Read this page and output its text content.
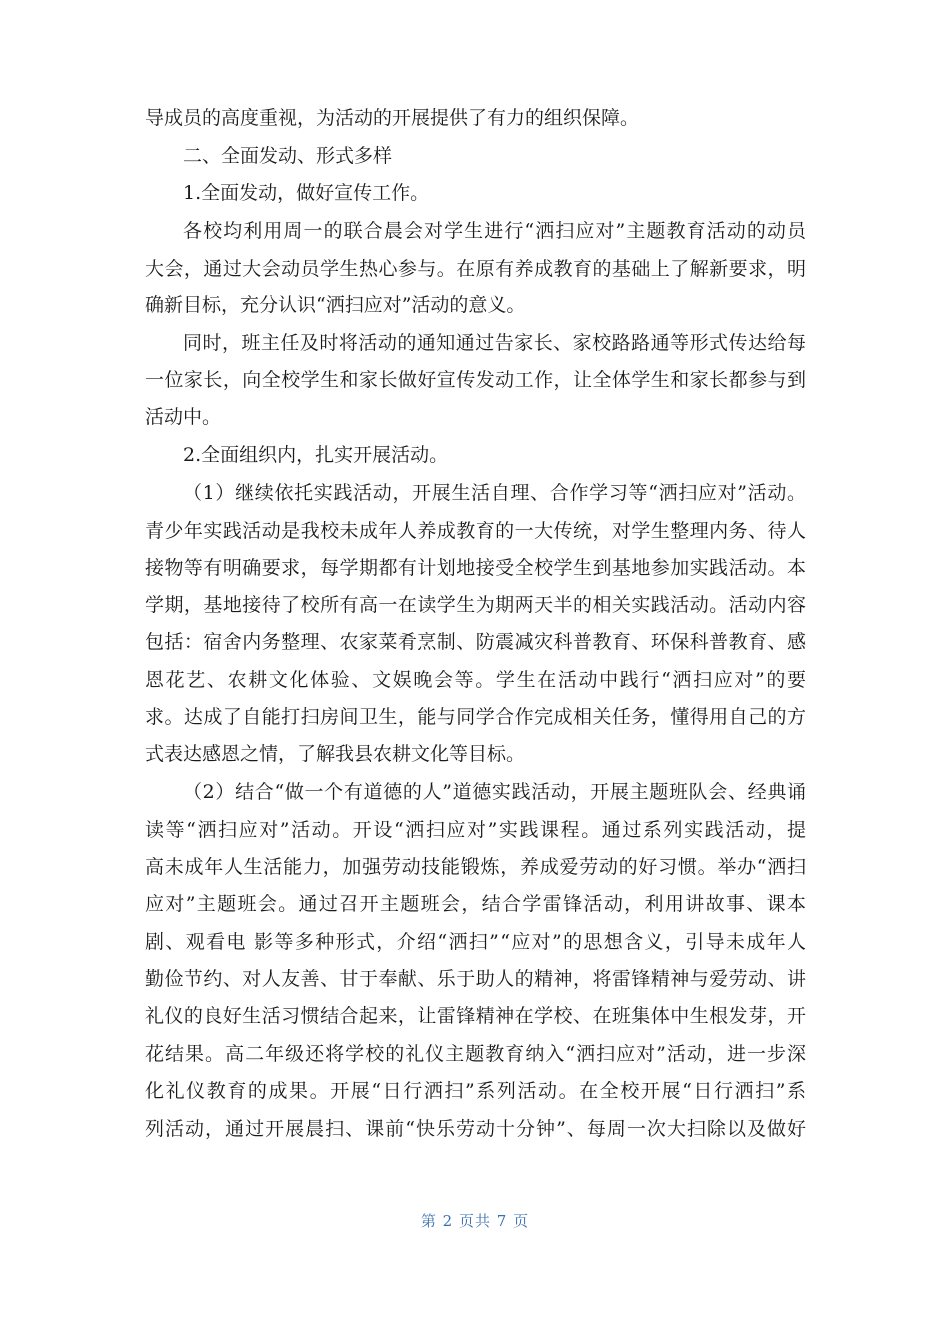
导成员的高度重视，为活动的开展提供了有力的组织保障。
二、全面发动、形式多样
1.全面发动，做好宣传工作。
各校均利用周一的联合晨会对学生进行“洒扫应对”主题教育活动的动员
大会，通过大会动员学生热心参与。在原有养成教育的基础上了解新要求，明
确新目标，充分认识“洒扫应对”活动的意义。
同时，班主任及时将活动的通知通过告家长、家校路路通等形式传达给每
一位家长，向全校学生和家长做好宣传发动工作，让全体学生和家长都参与到
活动中。
2.全面组织内，扎实开展活动。
（1）继续依托实践活动，开展生活自理、合作学习等“洒扫应对”活动。
青少年实践活动是我校未成年人养成教育的一大传统，对学生整理内务、待人
接物等有明确要求，每学期都有计划地接受全校学生到基地参加实践活动。本
学期，基地接待了校所有高一在读学生为期两天半的相关实践活动。活动内容
包括：宿舍内务整理、农家菜肴烹制、防震减灾科普教育、环保科普教育、感
恩花艺、农耕文化体验、文娱晚会等。学生在活动中践行“洒扫应对”的要
求。达成了自能打扫房间卫生，能与同学合作完成相关任务，懂得用自己的方
式表达感恩之情，了解我县农耕文化等目标。
（2）结合“做一个有道德的人”道德实践活动，开展主题班队会、经典诵
读等“洒扫应对”活动。开设“洒扫应对”实践课程。通过系列实践活动，提
高未成年人生活能力，加强劳动技能锻炼，养成爱劳动的好习惯。举办“洒扫
应对”主题班会。通过召开主题班会，结合学雷锋活动，利用讲故事、课本
剧、观看电 影等多种形式，介绍“洒扫”“应对”的思想含义，引导未成年人
勤俭节约、对人友善、甘于奉献、乐于助人的精神，将雷锋精神与爱劳动、讲
礼仪的良好生活习惯结合起来，让雷锋精神在学校、在班集体中生根发芽，开
花结果。高二年级还将学校的礼仪主题教育纳入“洒扫应对”活动，进一步深
化礼仪教育的成果。开展“日行洒扫”系列活动。在全校开展“日行洒扫”系
列活动，通过开展晨扫、课前“快乐劳动十分钟”、每周一次大扫除以及做好
第 2 页共 7 页
